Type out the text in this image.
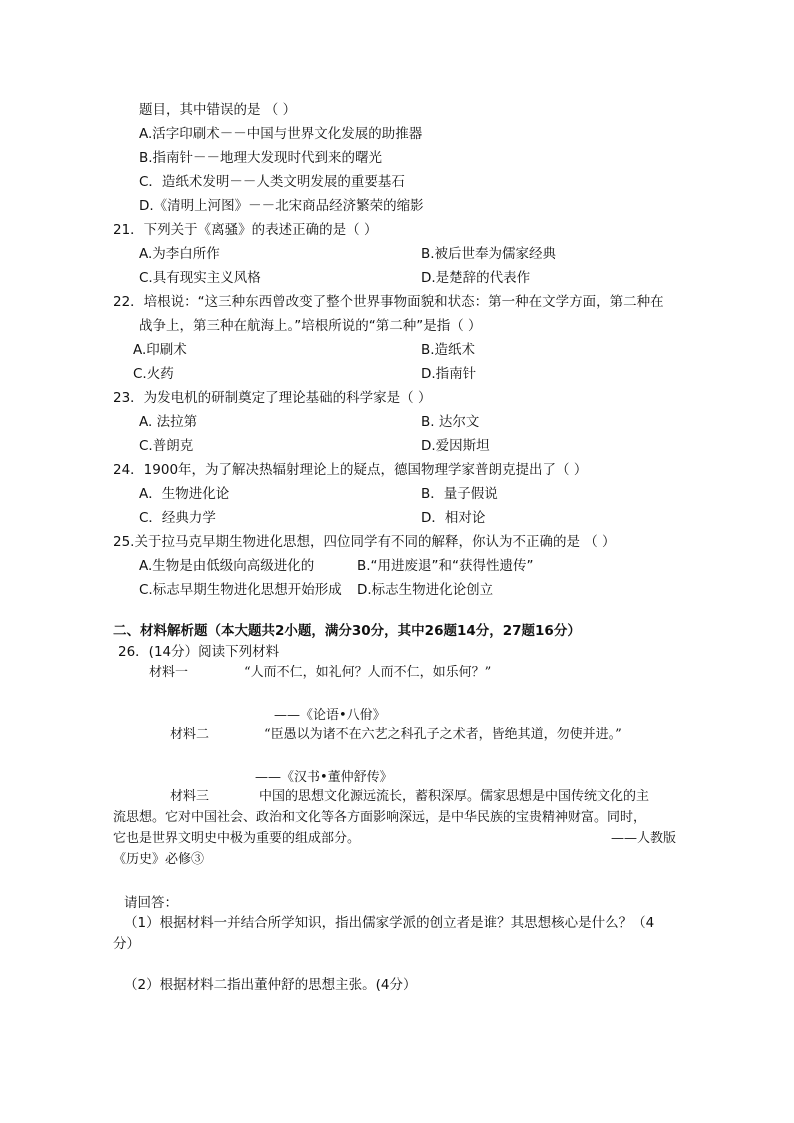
题目，其中错误的是 （ ）
A.活字印刷术－－中国与世界文化发展的助推器
B.指南针－－地理大发现时代到来的曙光
C．造纸术发明－－人类文明发展的重要基石
D.《清明上河图》－－北宋商品经济繁荣的缩影
21．下列关于《离骚》的表述正确的是（ ）
A.为李白所作	B.被后世奉为儒家经典
C.具有现实主义风格	D.是楚辞的代表作
22．培根说：“这三种东西曾改变了整个世界事物面貌和状态：第一种在文学方面，第二种在
战争上，第三种在航海上。”培根所说的“第二种”是指（ ）
A.印刷术	B.造纸术
C.火药	D.指南针
23．为发电机的研制奠定了理论基础的科学家是（ ）
A. 法拉第	B. 达尔文
C.普朗克	D.爱因斯坦
24．1900年，为了解决热辐射理论上的疑点，德国物理学家普朗克提出了（ ）
A．生物进化论	B．量子假说
C．经典力学	D．相对论
25.关于拉马克早期生物进化思想，四位同学有不同的解释，你认为不正确的是 （ ）
A.生物是由低级向高级进化的	B.“用进废退”和“获得性遗传”
C.标志早期生物进化思想开始形成 D.标志生物进化论创立
二、材料解析题（本大题共2小题，满分30分，其中26题14分，27题16分）
26．(14分）阅读下列材料
材料一	“人而不仁，如礼何？人而不仁，如乐何？”
——《论语•八佾》
材料二	“臣愚以为诸不在六艺之科孔子之术者，皆绝其道，勿使并进。”
——《汉书•董仲舒传》
材料三	中国的思想文化源远流长，蓄积深厚。儒家思想是中国传统文化的主
流思想。它对中国社会、政治和文化等各方面影响深远，是中华民族的宝贵精神财富。同时，
它也是世界文明史中极为重要的组成部分。	——人教版
《历史》必修③
请回答：
（1）根据材料一并结合所学知识，指出儒家学派的创立者是谁？其思想核心是什么？（4
分）
（2）根据材料二指出董仲舒的思想主张。(4分）
